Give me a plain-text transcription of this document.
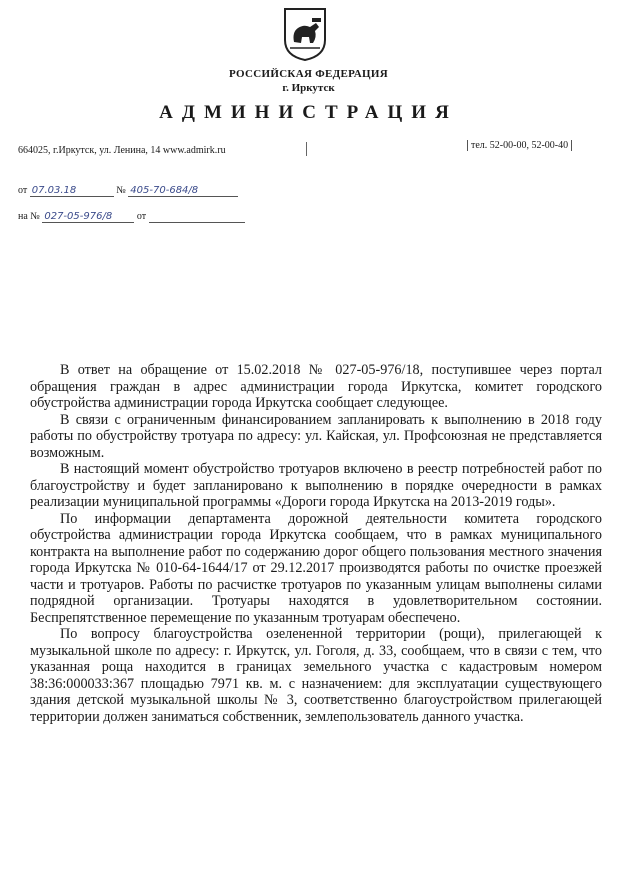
РОССИЙСКАЯ ФЕДЕРАЦИЯ
г. Иркутск
АДМИНИСТРАЦИЯ
664025, г.Иркутск, ул. Ленина, 14 www.admirk.ru	тел. 52-00-00, 52-00-40
от 07.03.18	№ 405-70-684/8
на № 027-05-976/8 от

В ответ на обращение от 15.02.2018 № 027-05-976/18, поступившее через портал обращения граждан в адрес администрации города Иркутска, комитет городского обустройства администрации города Иркутска сообщает следующее.

В связи с ограниченным финансированием запланировать к выполнению в 2018 году работы по обустройству тротуара по адресу: ул. Кайская, ул. Профсоюзная не представляется возможным.

В настоящий момент обустройство тротуаров включено в реестр потребностей работ по благоустройству и будет запланировано к выполнению в порядке очередности в рамках реализации муниципальной программы «Дороги города Иркутска на 2013-2019 годы».

По информации департамента дорожной деятельности комитета городского обустройства администрации города Иркутска сообщаем, что в рамках муниципального контракта на выполнение работ по содержанию дорог общего пользования местного значения города Иркутска № 010-64-1644/17 от 29.12.2017 производятся работы по очистке проезжей части и тротуаров. Работы по расчистке тротуаров по указанным улицам выполнены силами подрядной организации. Тротуары находятся в удовлетворительном состоянии. Беспрепятственное перемещение по указанным тротуарам обеспечено.

По вопросу благоустройства озелененной территории (рощи), прилегающей к музыкальной школе по адресу: г. Иркутск, ул. Гоголя, д. 33, сообщаем, что в связи с тем, что указанная роща находится в границах земельного участка с кадастровым номером 38:36:000033:367 площадью 7971 кв. м. с назначением: для эксплуатации существующего здания детской музыкальной школы № 3, соответственно благоустройством прилегающей территории должен заниматься собственник, землепользователь данного участка.
